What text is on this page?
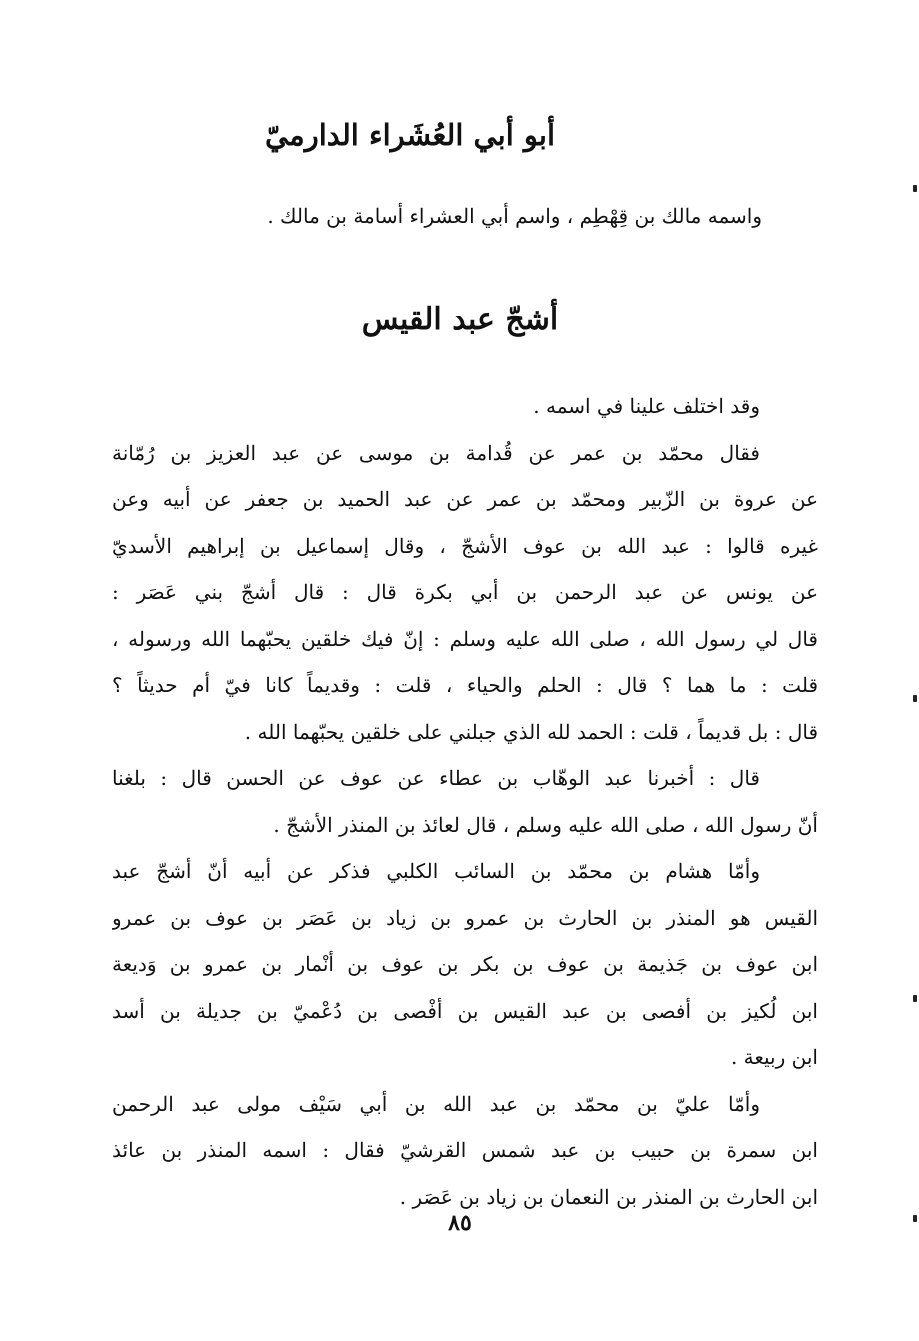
أبو أبي العُشَراء الدارميّ
واسمه مالك بن قِهْطِم ، واسم أبي العشراء أسامة بن مالك .
أشجّ عبد القيس
وقد اختلف علينا في اسمه .
فقال محمّد بن عمر عن قُدامة بن موسى عن عبد العزيز بن رُمّانة
عن عروة بن الزّبير ومحمّد بن عمر عن عبد الحميد بن جعفر عن أبيه وعن
غيره قالوا : عبد الله بن عوف الأشجّ ، وقال إسماعيل بن إبراهيم الأسديّ
عن يونس عن عبد الرحمن بن أبي بكرة قال : قال أشجّ بني عَصَر :
قال لي رسول الله ، صلى الله عليه وسلم : إنّ فيك خلقين يحبّهما الله ورسوله ،
قلت : ما هما ؟ قال : الحلم والحياء ، قلت : وقديماً كانا فيّ أم حديثاً ؟
قال : بل قديماً ، قلت : الحمد لله الذي جبلني على خلقين يحبّهما الله .
قال : أخبرنا عبد الوهّاب بن عطاء عن عوف عن الحسن قال : بلغنا
أنّ رسول الله ، صلى الله عليه وسلم ، قال لعائذ بن المنذر الأشجّ .
وأمّا هشام بن محمّد بن السائب الكلبي فذكر عن أبيه أنّ أشجّ عبد
القيس هو المنذر بن الحارث بن عمرو بن زياد بن عَصَر بن عوف بن عمرو
ابن عوف بن جَذيمة بن عوف بن بكر بن عوف بن أنْمار بن عمرو بن وَديعة
ابن لُكيز بن أفصى بن عبد القيس بن أفْصى بن دُعْميّ بن جديلة بن أسد
ابن ربيعة .
وأمّا عليّ بن محمّد بن عبد الله بن أبي سَيْف مولى عبد الرحمن
ابن سمرة بن حبيب بن عبد شمس القرشيّ فقال : اسمه المنذر بن عائذ
ابن الحارث بن المنذر بن النعمان بن زياد بن عَصَر .
٨٥
